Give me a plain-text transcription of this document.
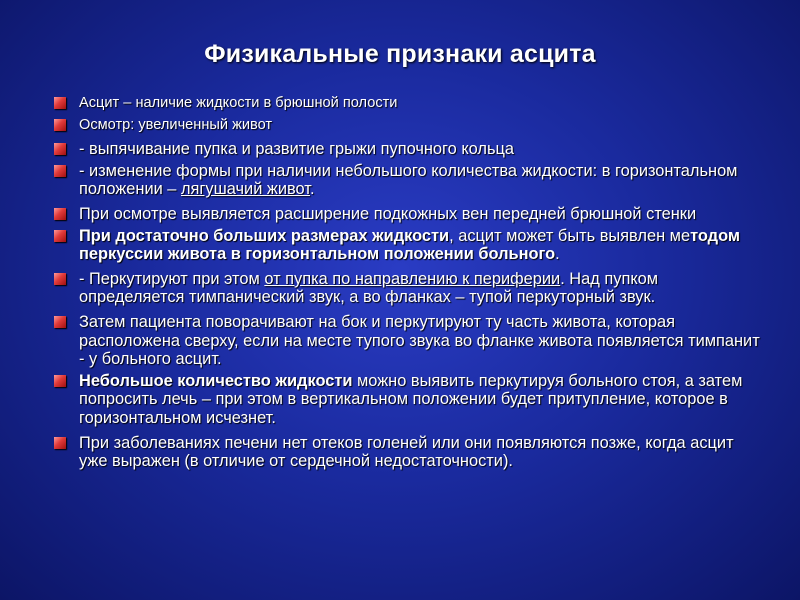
Физикальные признаки асцита
Асцит – наличие жидкости в брюшной полости
Осмотр: увеличенный живот
- выпячивание пупка и развитие грыжи пупочного кольца
- изменение формы при наличии небольшого количества жидкости: в горизонтальном положении – лягушачий живот.
При осмотре выявляется расширение подкожных вен передней брюшной стенки
При достаточно больших размерах жидкости, асцит может быть выявлен методом перкуссии живота в горизонтальном положении больного.
- Перкутируют при этом от пупка по направлению к периферии. Над пупком определяется тимпанический звук, а во фланках – тупой перкуторный звук.
Затем пациента поворачивают на бок и перкутируют ту часть живота, которая расположена сверху, если на месте тупого звука во фланке живота появляется тимпанит - у больного асцит.
Небольшое количество жидкости можно выявить перкутируя больного стоя, а затем попросить лечь – при этом в вертикальном положении будет притупление, которое в горизонтальном исчезнет.
При заболеваниях печени нет отеков голеней или они появляются позже, когда асцит уже выражен (в отличие от сердечной недостаточности).
